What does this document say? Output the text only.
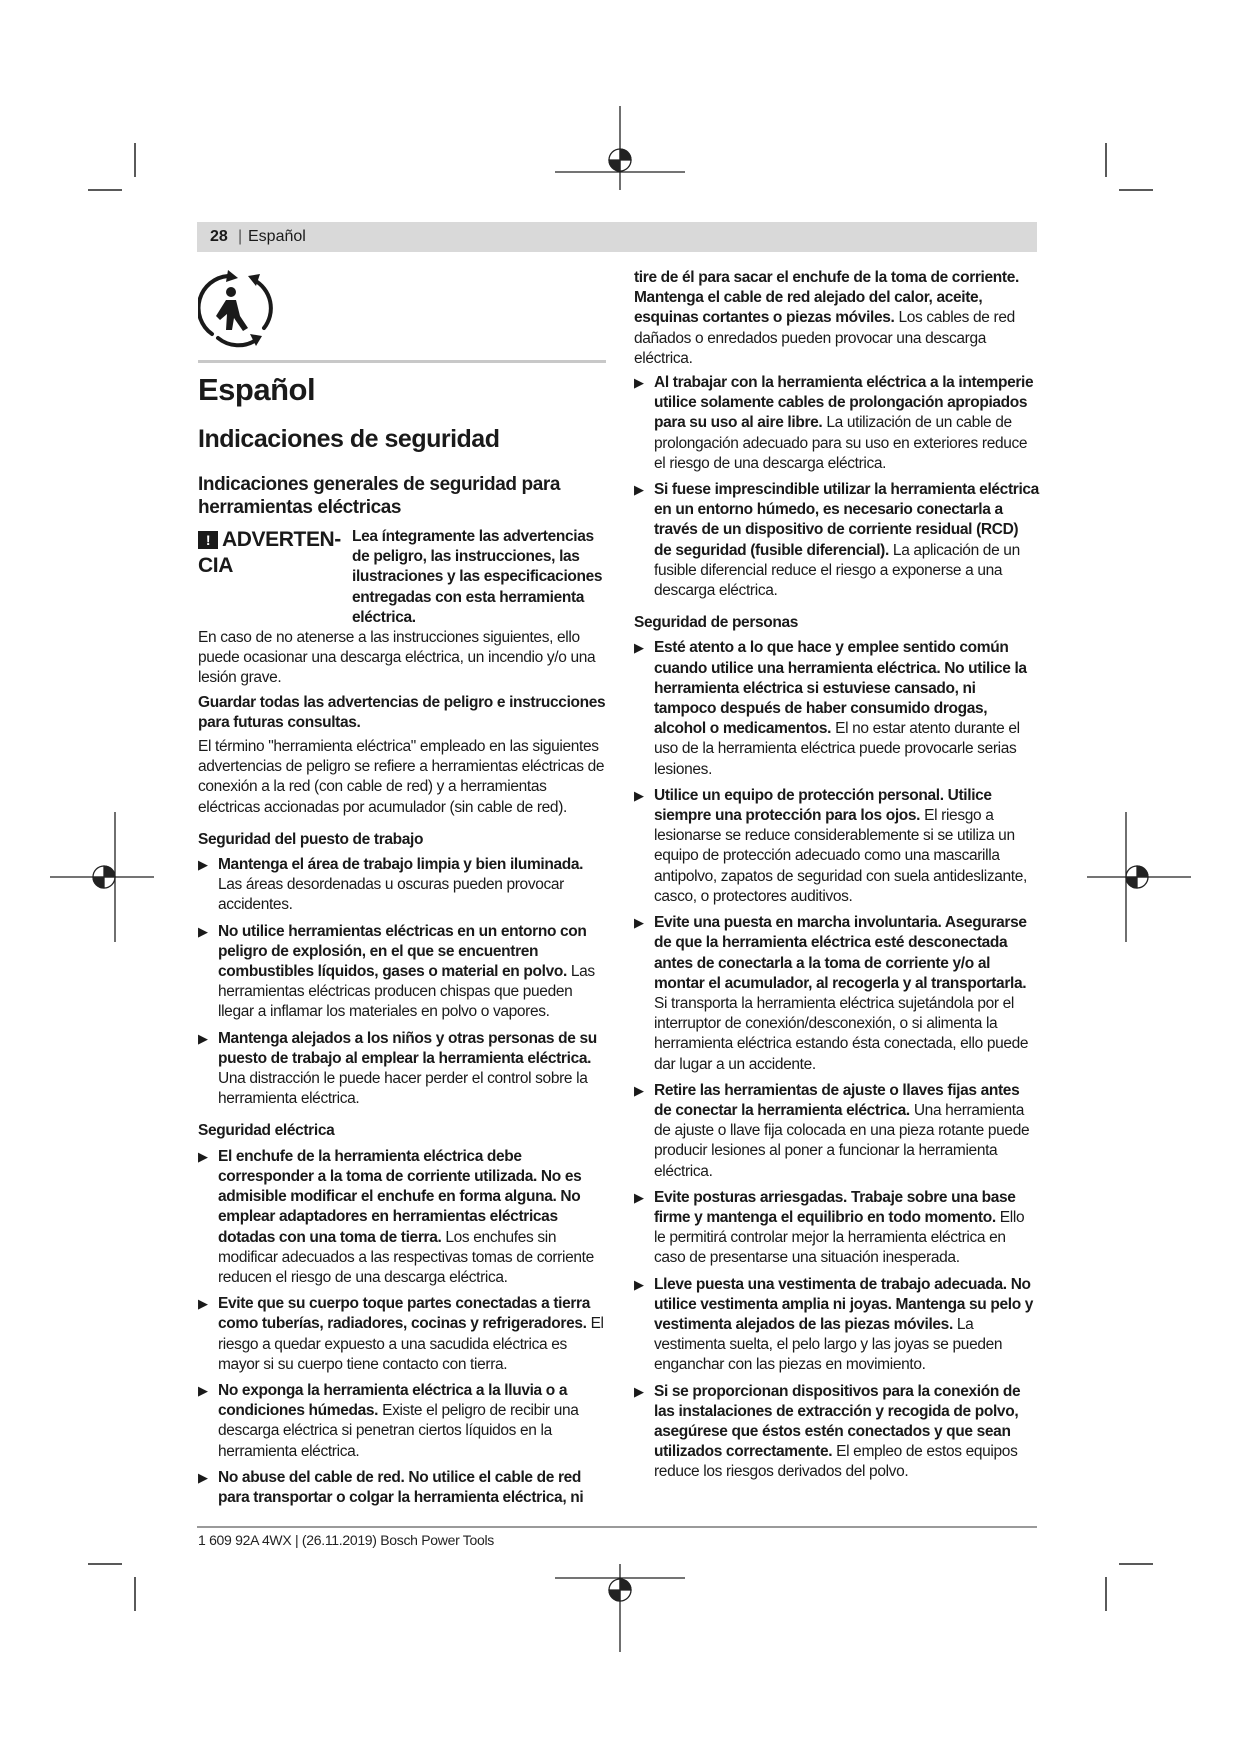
28 | Español
Español
Indicaciones de seguridad
Indicaciones generales de seguridad para herramientas eléctricas
! ADVERTEN-CIA
Lea íntegramente las advertencias de peligro, las instrucciones, las ilustraciones y las especificaciones entregadas con esta herramienta eléctrica.

En caso de no atenerse a las instrucciones siguientes, ello puede ocasionar una descarga eléctrica, un incendio y/o una lesión grave.

Guardar todas las advertencias de peligro e instrucciones para futuras consultas.

El término "herramienta eléctrica" empleado en las siguientes advertencias de peligro se refiere a herramientas eléctricas de conexión a la red (con cable de red) y a herramientas eléctricas accionadas por acumulador (sin cable de red).

Seguridad del puesto de trabajo
▶ Mantenga el área de trabajo limpia y bien iluminada. Las áreas desordenadas u oscuras pueden provocar accidentes.
▶ No utilice herramientas eléctricas en un entorno con peligro de explosión, en el que se encuentren combustibles líquidos, gases o material en polvo. Las herramientas eléctricas producen chispas que pueden llegar a inflamar los materiales en polvo o vapores.
▶ Mantenga alejados a los niños y otras personas de su puesto de trabajo al emplear la herramienta eléctrica. Una distracción le puede hacer perder el control sobre la herramienta eléctrica.
Seguridad eléctrica
▶ El enchufe de la herramienta eléctrica debe corresponder a la toma de corriente utilizada. No es admisible modificar el enchufe en forma alguna. No emplear adaptadores en herramientas eléctricas dotadas con una toma de tierra. Los enchufes sin modificar adecuados a las respectivas tomas de corriente reducen el riesgo de una descarga eléctrica.
▶ Evite que su cuerpo toque partes conectadas a tierra como tuberías, radiadores, cocinas y refrigeradores. El riesgo a quedar expuesto a una sacudida eléctrica es mayor si su cuerpo tiene contacto con tierra.
▶ No exponga la herramienta eléctrica a la lluvia o a condiciones húmedas. Existe el peligro de recibir una descarga eléctrica si penetran ciertos líquidos en la herramienta eléctrica.
▶ No abuse del cable de red. No utilice el cable de red para transportar o colgar la herramienta eléctrica, ni

tire de él para sacar el enchufe de la toma de corriente. Mantenga el cable de red alejado del calor, aceite, esquinas cortantes o piezas móviles. Los cables de red dañados o enredados pueden provocar una descarga eléctrica.

▶ Al trabajar con la herramienta eléctrica a la intemperie utilice solamente cables de prolongación apropiados para su uso al aire libre. La utilización de un cable de prolongación adecuado para su uso en exteriores reduce el riesgo de una descarga eléctrica.
▶ Si fuese imprescindible utilizar la herramienta eléctrica en un entorno húmedo, es necesario conectarla a través de un dispositivo de corriente residual (RCD) de seguridad (fusible diferencial). La aplicación de un fusible diferencial reduce el riesgo a exponerse a una descarga eléctrica.
Seguridad de personas
▶ Esté atento a lo que hace y emplee sentido común cuando utilice una herramienta eléctrica. No utilice la herramienta eléctrica si estuviese cansado, ni tampoco después de haber consumido drogas, alcohol o medicamentos. El no estar atento durante el uso de la herramienta eléctrica puede provocarle serias lesiones.
▶ Utilice un equipo de protección personal. Utilice siempre una protección para los ojos. El riesgo a lesionarse se reduce considerablemente si se utiliza un equipo de protección adecuado como una mascarilla antipolvo, zapatos de seguridad con suela antideslizante, casco, o protectores auditivos.
▶ Evite una puesta en marcha involuntaria. Asegurarse de que la herramienta eléctrica esté desconectada antes de conectarla a la toma de corriente y/o al montar el acumulador, al recogerla y al transportarla. Si transporta la herramienta eléctrica sujetándola por el interruptor de conexión/desconexión, o si alimenta la herramienta eléctrica estando ésta conectada, ello puede dar lugar a un accidente.
▶ Retire las herramientas de ajuste o llaves fijas antes de conectar la herramienta eléctrica. Una herramienta de ajuste o llave fija colocada en una pieza rotante puede producir lesiones al poner a funcionar la herramienta eléctrica.
▶ Evite posturas arriesgadas. Trabaje sobre una base firme y mantenga el equilibrio en todo momento. Ello le permitirá controlar mejor la herramienta eléctrica en caso de presentarse una situación inesperada.
▶ Lleve puesta una vestimenta de trabajo adecuada. No utilice vestimenta amplia ni joyas. Mantenga su pelo y vestimenta alejados de las piezas móviles. La vestimenta suelta, el pelo largo y las joyas se pueden enganchar con las piezas en movimiento.
▶ Si se proporcionan dispositivos para la conexión de las instalaciones de extracción y recogida de polvo, asegúrese que éstos estén conectados y que sean utilizados correctamente. El empleo de estos equipos reduce los riesgos derivados del polvo.
1 609 92A 4WX | (26.11.2019) Bosch Power Tools
